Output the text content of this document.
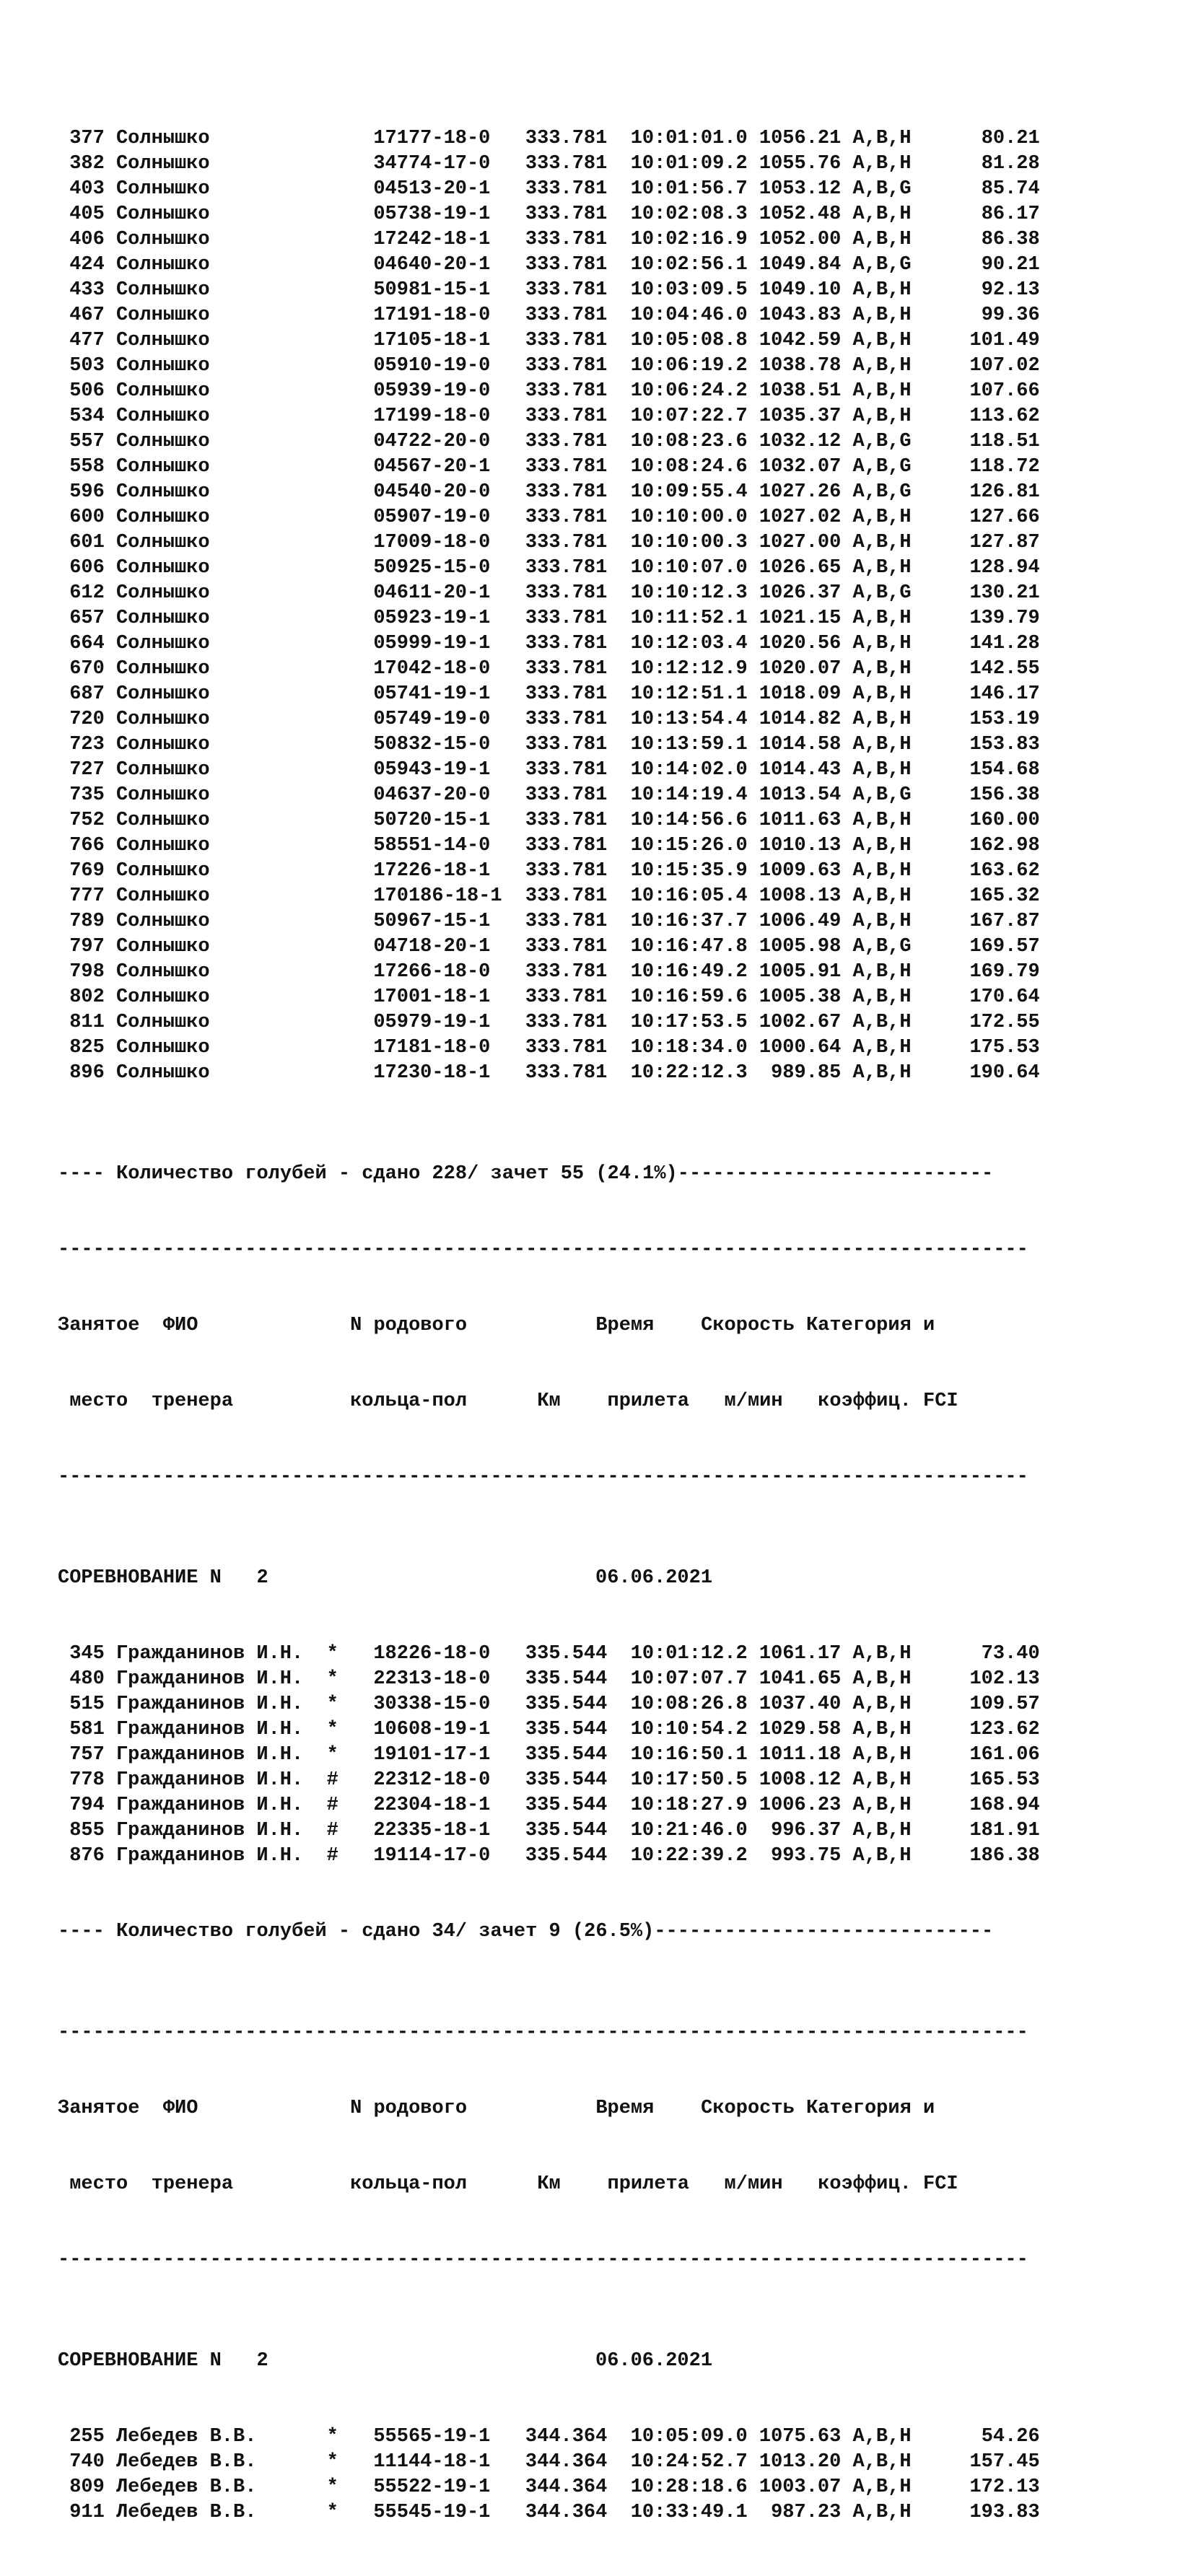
377 Солнышко	17177-18-0 333.781 10:01:01.0 1056.21 A,B,H	80.21
382 Солнышко	34774-17-0 333.781 10:01:09.2 1055.76 A,B,H	81.28
403 Солнышко	04513-20-1 333.781 10:01:56.7 1053.12 A,B,G	85.74
405 Солнышко	05738-19-1 333.781 10:02:08.3 1052.48 A,B,H	86.17
406 Солнышко	17242-18-1 333.781 10:02:16.9 1052.00 A,B,H	86.38
424 Солнышко	04640-20-1 333.781 10:02:56.1 1049.84 A,B,G	90.21
433 Солнышко	50981-15-1 333.781 10:03:09.5 1049.10 A,B,H	92.13
467 Солнышко	17191-18-0 333.781 10:04:46.0 1043.83 A,B,H	99.36
477 Солнышко	17105-18-1 333.781 10:05:08.8 1042.59 A,B,H	101.49
503 Солнышко	05910-19-0 333.781 10:06:19.2 1038.78 A,B,H	107.02
506 Солнышко	05939-19-0 333.781 10:06:24.2 1038.51 A,B,H	107.66
534 Солнышко	17199-18-0 333.781 10:07:22.7 1035.37 A,B,H	113.62
557 Солнышко	04722-20-0 333.781 10:08:23.6 1032.12 A,B,G	118.51
558 Солнышко	04567-20-1 333.781 10:08:24.6 1032.07 A,B,G	118.72
596 Солнышко	04540-20-0 333.781 10:09:55.4 1027.26 A,B,G	126.81
600 Солнышко	05907-19-0 333.781 10:10:00.0 1027.02 A,B,H	127.66
601 Солнышко	17009-18-0 333.781 10:10:00.3 1027.00 A,B,H	127.87
606 Солнышко	50925-15-0 333.781 10:10:07.0 1026.65 A,B,H	128.94
612 Солнышко	04611-20-1 333.781 10:10:12.3 1026.37 A,B,G	130.21
657 Солнышко	05923-19-1 333.781 10:11:52.1 1021.15 A,B,H	139.79
664 Солнышко	05999-19-1 333.781 10:12:03.4 1020.56 A,B,H	141.28
670 Солнышко	17042-18-0 333.781 10:12:12.9 1020.07 A,B,H	142.55
687 Солнышко	05741-19-1 333.781 10:12:51.1 1018.09 A,B,H	146.17
720 Солнышко	05749-19-0 333.781 10:13:54.4 1014.82 A,B,H	153.19
723 Солнышко	50832-15-0 333.781 10:13:59.1 1014.58 A,B,H	153.83
727 Солнышко	05943-19-1 333.781 10:14:02.0 1014.43 A,B,H	154.68
735 Солнышко	04637-20-0 333.781 10:14:19.4 1013.54 A,B,G	156.38
752 Солнышко	50720-15-1 333.781 10:14:56.6 1011.63 A,B,H	160.00
766 Солнышко	58551-14-0 333.781 10:15:26.0 1010.13 A,B,H	162.98
769 Солнышко	17226-18-1 333.781 10:15:35.9 1009.63 A,B,H	163.62
777 Солнышко	170186-18-1 333.781 10:16:05.4 1008.13 A,B,H	165.32
789 Солнышко	50967-15-1 333.781 10:16:37.7 1006.49 A,B,H	167.87
797 Солнышко	04718-20-1 333.781 10:16:47.8 1005.98 A,B,G	169.57
798 Солнышко	17266-18-0 333.781 10:16:49.2 1005.91 A,B,H	169.79
802 Солнышко	17001-18-1 333.781 10:16:59.6 1005.38 A,B,H	170.64
811 Солнышко	05979-19-1 333.781 10:17:53.5 1002.67 A,B,H	172.55
825 Солнышко	17181-18-0 333.781 10:18:34.0 1000.64 A,B,H	175.53
896 Солнышко	17230-18-1 333.781 10:22:12.3 989.85 A,B,H	190.64

---- Количество голубей - сдано 228/ зачет 55 (24.1%)---------------------------

-----------------------------------------------------------------------------------

Занятое  ФИО             N родового           Время    Скорость Категория и

место  тренера          кольца-пол      Км    прилета   м/мин   коэффиц. FCI

-----------------------------------------------------------------------------------

СОРЕВНОВАНИЕ N   2	06.06.2021

345 Гражданинов И.Н. * 18226-18-0 335.544 10:01:12.2 1061.17 A,B,H	73.40
480 Гражданинов И.Н. * 22313-18-0 335.544 10:07:07.7 1041.65 A,B,H	102.13
515 Гражданинов И.Н. * 30338-15-0 335.544 10:08:26.8 1037.40 A,B,H	109.57
581 Гражданинов И.Н. * 10608-19-1 335.544 10:10:54.2 1029.58 A,B,H	123.62
757 Гражданинов И.Н. * 19101-17-1 335.544 10:16:50.1 1011.18 A,B,H	161.06
778 Гражданинов И.Н. # 22312-18-0 335.544 10:17:50.5 1008.12 A,B,H	165.53
794 Гражданинов И.Н. # 22304-18-1 335.544 10:18:27.9 1006.23 A,B,H	168.94
855 Гражданинов И.Н. # 22335-18-1 335.544 10:21:46.0 996.37 A,B,H	181.91
876 Гражданинов И.Н. # 19114-17-0 335.544 10:22:39.2 993.75 A,B,H	186.38

---- Количество голубей - сдано 34/ зачет 9 (26.5%)-----------------------------

-----------------------------------------------------------------------------------

Занятое  ФИО             N родового           Время    Скорость Категория и

место  тренера          кольца-пол      Км    прилета   м/мин   коэффиц. FCI

-----------------------------------------------------------------------------------

СОРЕВНОВАНИЕ N   2	06.06.2021

255 Лебедев В.В.	* 55565-19-1 344.364 10:05:09.0 1075.63 A,B,H	54.26
740 Лебедев В.В.	* 11144-18-1 344.364 10:24:52.7 1013.20 A,B,H	157.45
809 Лебедев В.В.	* 55522-19-1 344.364 10:28:18.6 1003.07 A,B,H	172.13
911 Лебедев В.В.	* 55545-19-1 344.364 10:33:49.1 987.23 A,B,H	193.83
